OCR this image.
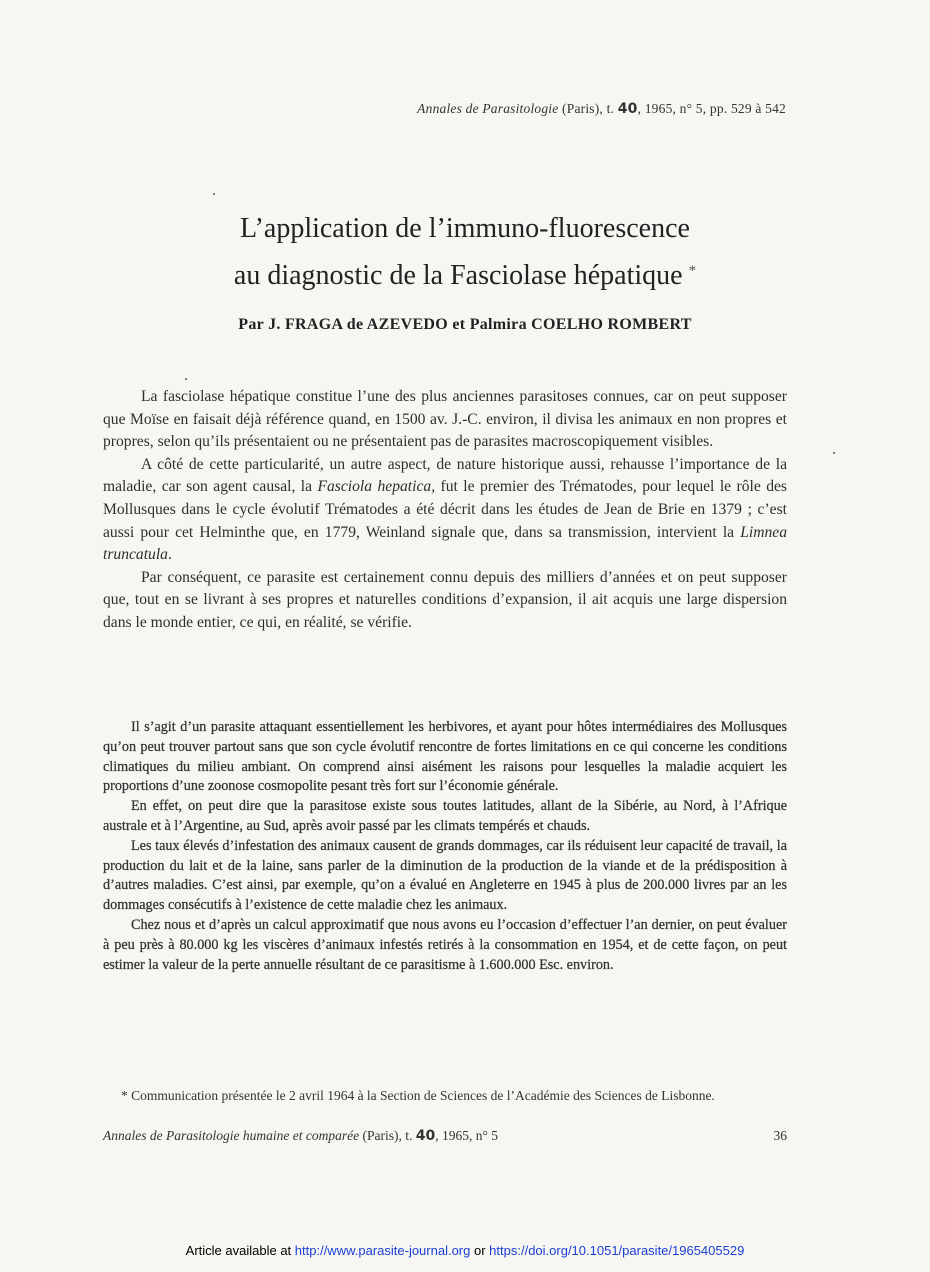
Annales de Parasitologie (Paris), t. 40, 1965, n° 5, pp. 529 à 542
L’application de l’immuno-fluorescence
au diagnostic de la Fasciolase hépatique *
Par J. FRAGA de AZEVEDO et Palmira COELHO ROMBERT

La fasciolase hépatique constitue l’une des plus anciennes parasitoses connues, car on peut supposer que Moïse en faisait déjà référence quand, en 1500 av. J.-C. environ, il divisa les animaux en non propres et propres, selon qu’ils présentaient ou ne présentaient pas de parasites macroscopiquement visibles.

A côté de cette particularité, un autre aspect, de nature historique aussi, rehausse l’importance de la maladie, car son agent causal, la Fasciola hepatica, fut le premier des Trématodes, pour lequel le rôle des Mollusques dans le cycle évolutif Trématodes a été décrit dans les études de Jean de Brie en 1379 ; c’est aussi pour cet Helminthe que, en 1779, Weinland signale que, dans sa transmission, intervient la Limnea truncatula.

Par conséquent, ce parasite est certainement connu depuis des milliers d’années et on peut supposer que, tout en se livrant à ses propres et naturelles conditions d’expansion, il ait acquis une large dispersion dans le monde entier, ce qui, en réalité, se vérifie.

Il s’agit d’un parasite attaquant essentiellement les herbivores, et ayant pour hôtes intermédiaires des Mollusques qu’on peut trouver partout sans que son cycle évolutif rencontre de fortes limitations en ce qui concerne les conditions climatiques du milieu ambiant. On comprend ainsi aisément les raisons pour lesquelles la maladie acquiert les proportions d’une zoonose cosmopolite pesant très fort sur l’économie générale.

En effet, on peut dire que la parasitose existe sous toutes latitudes, allant de la Sibérie, au Nord, à l’Afrique australe et à l’Argentine, au Sud, après avoir passé par les climats tempérés et chauds.

Les taux élevés d’infestation des animaux causent de grands dommages, car ils réduisent leur capacité de travail, la production du lait et de la laine, sans parler de la diminution de la production de la viande et de la prédisposition à d’autres maladies. C’est ainsi, par exemple, qu’on a évalué en Angleterre en 1945 à plus de 200.000 livres par an les dommages consécutifs à l’existence de cette maladie chez les animaux.

Chez nous et d’après un calcul approximatif que nous avons eu l’occasion d’effectuer l’an dernier, on peut évaluer à peu près à 80.000 kg les viscères d’animaux infestés retirés à la consommation en 1954, et de cette façon, on peut estimer la valeur de la perte annuelle résultant de ce parasitisme à 1.600.000 Esc. environ.

* Communication présentée le 2 avril 1964 à la Section de Sciences de l’Académie des Sciences de Lisbonne.
Annales de Parasitologie humaine et comparée (Paris), t. 40, 1965, n° 5	36
Article available at http://www.parasite-journal.org or https://doi.org/10.1051/parasite/1965405529
